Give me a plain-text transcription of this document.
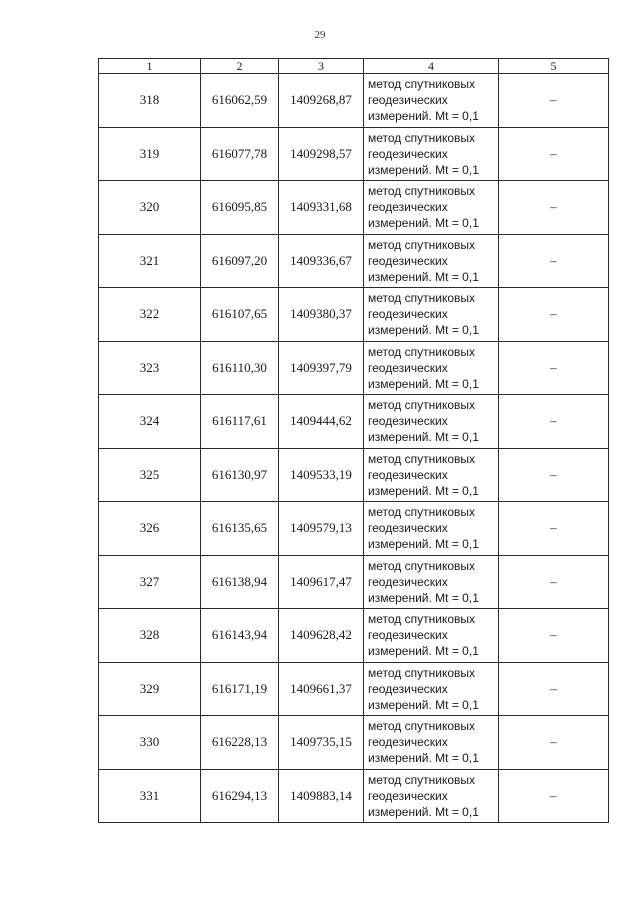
29
1	2	3	4	5
318	616062,59	1409268,87	метод спутниковых
геодезических
измерений. Mt = 0,1	–
319	616077,78	1409298,57	метод спутниковых
геодезических
измерений. Mt = 0,1	–
320	616095,85	1409331,68	метод спутниковых
геодезических
измерений. Mt = 0,1	–
321	616097,20	1409336,67	метод спутниковых
геодезических
измерений. Mt = 0,1	–
322	616107,65	1409380,37	метод спутниковых
геодезических
измерений. Mt = 0,1	–
323	616110,30	1409397,79	метод спутниковых
геодезических
измерений. Mt = 0,1	–
324	616117,61	1409444,62	метод спутниковых
геодезических
измерений. Mt = 0,1	–
325	616130,97	1409533,19	метод спутниковых
геодезических
измерений. Mt = 0,1	–
326	616135,65	1409579,13	метод спутниковых
геодезических
измерений. Mt = 0,1	–
327	616138,94	1409617,47	метод спутниковых
геодезических
измерений. Mt = 0,1	–
328	616143,94	1409628,42	метод спутниковых
геодезических
измерений. Mt = 0,1	–
329	616171,19	1409661,37	метод спутниковых
геодезических
измерений. Mt = 0,1	–
330	616228,13	1409735,15	метод спутниковых
геодезических
измерений. Mt = 0,1	–
331	616294,13	1409883,14	метод спутниковых
геодезических
измерений. Mt = 0,1	–
